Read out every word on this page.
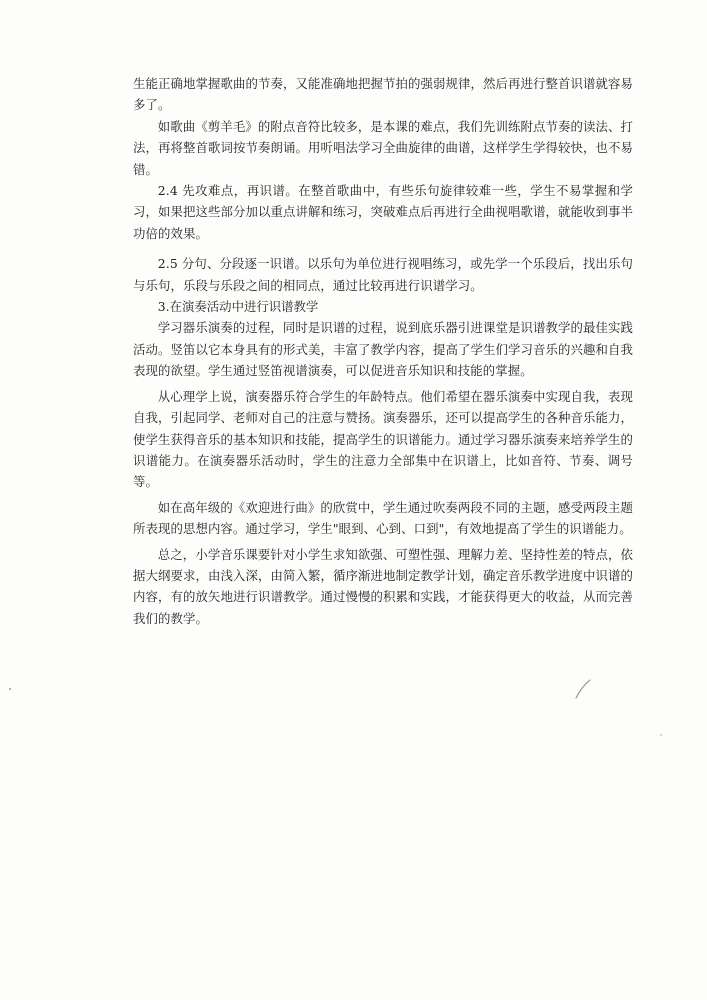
生能正确地掌握歌曲的节奏，又能准确地把握节拍的强弱规律，然后再进行整首识谱就容易多了。

如歌曲《剪羊毛》的附点音符比较多，是本课的难点，我们先训练附点节奏的读法、打法，再将整首歌词按节奏朗诵。用听唱法学习全曲旋律的曲谱，这样学生学得较快，也不易错。

2.4 先攻难点，再识谱。在整首歌曲中，有些乐句旋律较难一些，学生不易掌握和学习，如果把这些部分加以重点讲解和练习，突破难点后再进行全曲视唱歌谱，就能收到事半功倍的效果。

2.5 分句、分段逐一识谱。以乐句为单位进行视唱练习，或先学一个乐段后，找出乐句与乐句，乐段与乐段之间的相同点，通过比较再进行识谱学习。

3.在演奏活动中进行识谱教学

学习器乐演奏的过程，同时是识谱的过程，说到底乐器引进课堂是识谱教学的最佳实践活动。竖笛以它本身具有的形式美，丰富了教学内容，提高了学生们学习音乐的兴趣和自我表现的欲望。学生通过竖笛视谱演奏，可以促进音乐知识和技能的掌握。

从心理学上说，演奏器乐符合学生的年龄特点。他们希望在器乐演奏中实现自我，表现自我，引起同学、老师对自己的注意与赞扬。演奏器乐，还可以提高学生的各种音乐能力，使学生获得音乐的基本知识和技能，提高学生的识谱能力。通过学习器乐演奏来培养学生的识谱能力。在演奏器乐活动时，学生的注意力全部集中在识谱上，比如音符、节奏、调号等。

如在高年级的《欢迎进行曲》的欣赏中，学生通过吹奏两段不同的主题，感受两段主题所表现的思想内容。通过学习，学生"眼到、心到、口到"，有效地提高了学生的识谱能力。

总之，小学音乐课要针对小学生求知欲强、可塑性强、理解力差、坚持性差的特点，依据大纲要求，由浅入深，由简入繁，循序渐进地制定教学计划，确定音乐教学进度中识谱的内容，有的放矢地进行识谱教学。通过慢慢的积累和实践，才能获得更大的收益，从而完善我们的教学。
